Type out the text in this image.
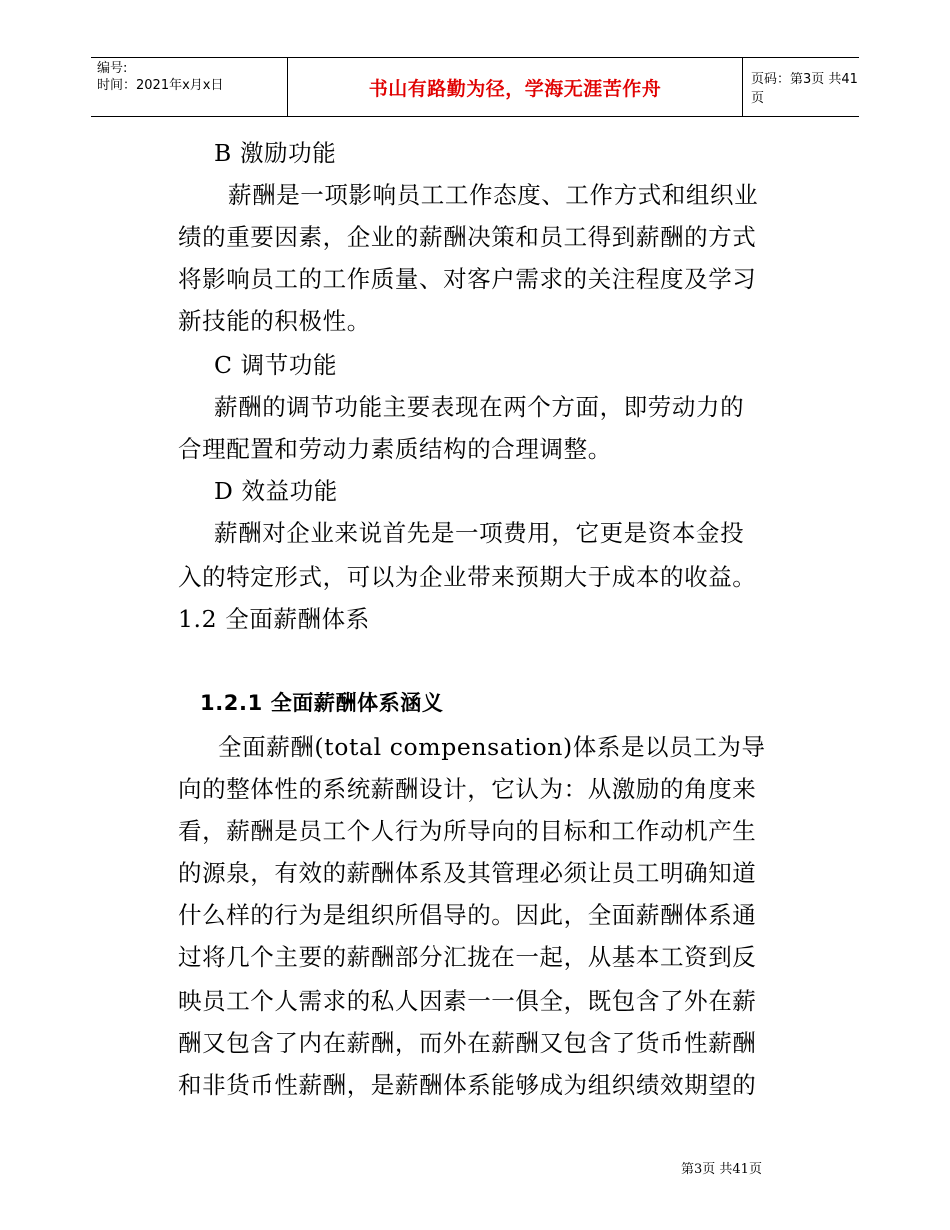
编号:
时间：2021年x月x日	书山有路勤为径，学海无涯苦作舟	页码：第3页 共41页
B 激励功能
薪酬是一项影响员工工作态度、工作方式和组织业
绩的重要因素，企业的薪酬决策和员工得到薪酬的方式
将影响员工的工作质量、对客户需求的关注程度及学习
新技能的积极性。
C 调节功能
薪酬的调节功能主要表现在两个方面，即劳动力的
合理配置和劳动力素质结构的合理调整。
D 效益功能
薪酬对企业来说首先是一项费用，它更是资本金投
入的特定形式，可以为企业带来预期大于成本的收益。
1.2 全面薪酬体系
1.2.1 全面薪酬体系涵义
全面薪酬(total compensation)体系是以员工为导
向的整体性的系统薪酬设计，它认为：从激励的角度来
看，薪酬是员工个人行为所导向的目标和工作动机产生
的源泉，有效的薪酬体系及其管理必须让员工明确知道
什么样的行为是组织所倡导的。因此，全面薪酬体系通
过将几个主要的薪酬部分汇拢在一起，从基本工资到反
映员工个人需求的私人因素一一俱全，既包含了外在薪
酬又包含了内在薪酬，而外在薪酬又包含了货币性薪酬
和非货币性薪酬，是薪酬体系能够成为组织绩效期望的
第3页 共41页
